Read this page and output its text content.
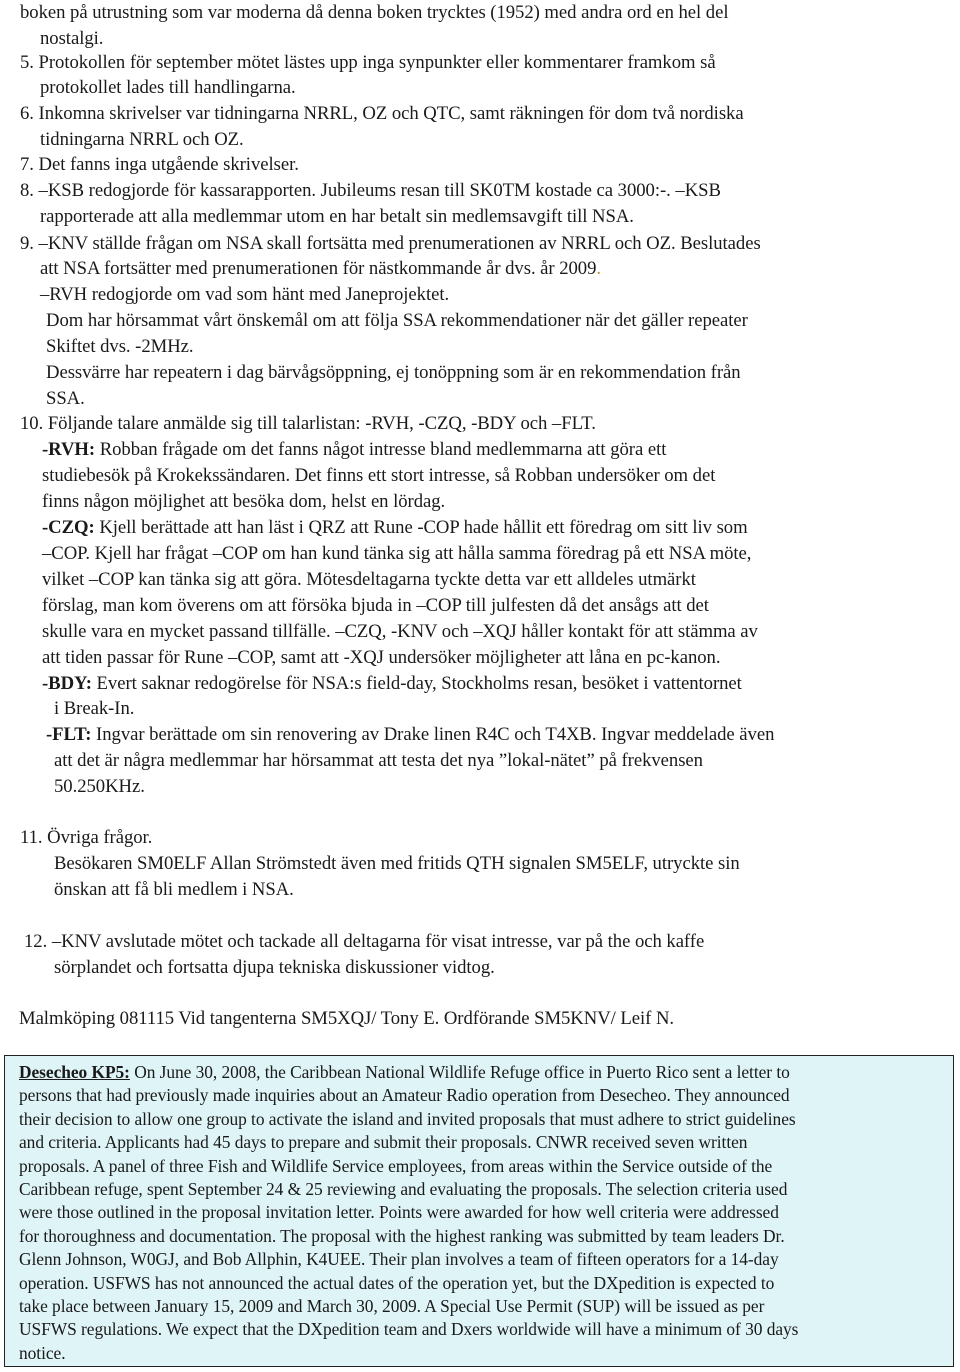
boken på utrustning som var moderna då denna boken trycktes (1952) med andra ord en hel del
nostalgi.
5. Protokollen för september mötet lästes upp inga synpunkter eller kommentarer framkom så
protokollet lades till handlingarna.
6. Inkomna skrivelser var tidningarna NRRL, OZ och QTC, samt räkningen för dom två nordiska
tidningarna NRRL och OZ.
7. Det fanns inga utgående skrivelser.
8. –KSB redogjorde för kassarapporten. Jubileums resan till SK0TM kostade ca 3000:-. –KSB
rapporterade att alla medlemmar utom en har betalt sin medlemsavgift till NSA.
9. –KNV ställde frågan om NSA skall fortsätta med prenumerationen av NRRL och OZ. Beslutades
att NSA fortsätter med prenumerationen för nästkommande år dvs. år 2009.
–RVH redogjorde om vad som hänt med Janeprojektet.
Dom har hörsammat vårt önskemål om att följa SSA rekommendationer när det gäller repeater
Skiftet dvs. -2MHz.
Dessvärre har repeatern i dag bärvågsöppning, ej tonöppning som är en rekommendation från
SSA.
10. Följande talare anmälde sig till talarlistan: -RVH, -CZQ, -BDY och –FLT.
-RVH: Robban frågade om det fanns något intresse bland medlemmarna att göra ett
studiebesök på Krokekssändaren. Det finns ett stort intresse, så Robban undersöker om det
finns någon möjlighet att besöka dom, helst en lördag.
-CZQ: Kjell berättade att han läst i QRZ att Rune -COP hade hållit ett föredrag om sitt liv som
–COP. Kjell har frågat –COP om han kund tänka sig att hålla samma föredrag på ett NSA möte,
vilket –COP kan tänka sig att göra. Mötesdeltagarna tyckte detta var ett alldeles utmärkt
förslag, man kom överens om att försöka bjuda in –COP till julfesten då det ansågs att det
skulle vara en mycket passand tillfälle. –CZQ, -KNV och –XQJ håller kontakt för att stämma av
att tiden passar för Rune –COP, samt att -XQJ undersöker möjligheter att låna en pc-kanon.
-BDY: Evert saknar redogörelse för NSA:s field-day, Stockholms resan, besöket i vattentornet
i Break-In.
-FLT: Ingvar berättade om sin renovering av Drake linen R4C och T4XB. Ingvar meddelade även
att det är några medlemmar har hörsammat att testa det nya ”lokal-nätet” på frekvensen
50.250KHz.
11. Övriga frågor.
Besökaren SM0ELF Allan Strömstedt även med fritids QTH signalen SM5ELF, utryckte sin
önskan att få bli medlem i NSA.
12. –KNV avslutade mötet och tackade all deltagarna för visat intresse, var på the och kaffe
sörplandet och fortsatta djupa tekniska diskussioner vidtog.
Malmköping 081115 Vid tangenterna SM5XQJ/ Tony E. Ordförande SM5KNV/ Leif N.
Desecheo KP5: On June 30, 2008, the Caribbean National Wildlife Refuge office in Puerto Rico sent a letter to
persons that had previously made inquiries about an Amateur Radio operation from Desecheo. They announced
their decision to allow one group to activate the island and invited proposals that must adhere to strict guidelines
and criteria. Applicants had 45 days to prepare and submit their proposals. CNWR received seven written
proposals. A panel of three Fish and Wildlife Service employees, from areas within the Service outside of the
Caribbean refuge, spent September 24 & 25 reviewing and evaluating the proposals. The selection criteria used
were those outlined in the proposal invitation letter. Points were awarded for how well criteria were addressed
for thoroughness and documentation. The proposal with the highest ranking was submitted by team leaders Dr.
Glenn Johnson, W0GJ, and Bob Allphin, K4UEE. Their plan involves a team of fifteen operators for a 14-day
operation. USFWS has not announced the actual dates of the operation yet, but the DXpedition is expected to
take place between January 15, 2009 and March 30, 2009. A Special Use Permit (SUP) will be issued as per
USFWS regulations. We expect that the DXpedition team and Dxers worldwide will have a minimum of 30 days
notice.
